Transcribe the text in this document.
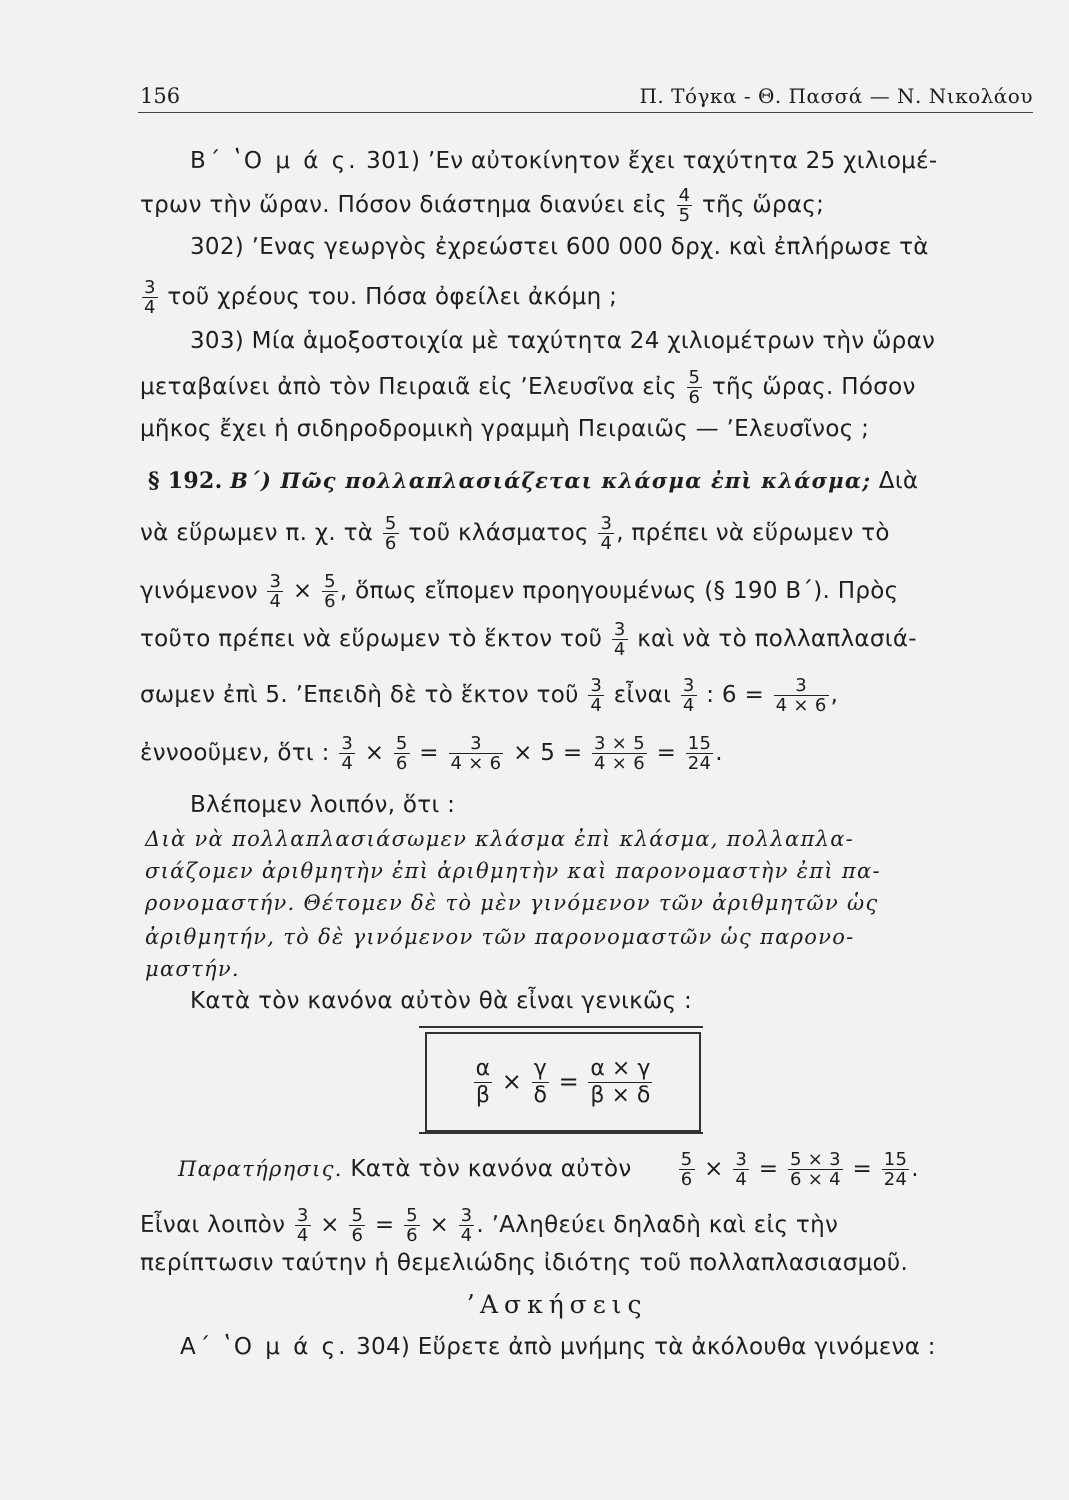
156	Π. Τόγκα - Θ. Πασσά — Ν. Νικολάου
Β΄ ʽΟ μ ά ς. 301) ʼΕν αὐτοκίνητον ἔχει ταχύτητα 25 χιλιομέ-
τρων τὴν ὥραν. Πόσον διάστημα διανύει εἰς $\frac{4}{5}$ τῆς ὥρας;
302) ʼΕνας γεωργὸς ἐχρεώστει 600 000 δρχ. καὶ ἐπλήρωσε τὰ
$\frac{3}{4}$ τοῦ χρέους του. Πόσα ὀφείλει ἀκόμη ;
303) Μία ἁμοξοστοιχία μὲ ταχύτητα 24 χιλιομέτρων τὴν ὥραν
μεταβαίνει ἀπὸ τὸν Πειραιᾶ εἰς ʼΕλευσῖνα εἰς $\frac{5}{6}$ τῆς ὥρας. Πόσον
μῆκος ἔχει ἡ σιδηροδρομικὴ γραμμὴ Πειραιῶς — ʼΕλευσῖνος ;
§ 192. Β΄) Πῶς πολλαπλασιάζεται κλάσμα ἐπὶ κλάσμα; Διὰ
νὰ εὕρωμεν π. χ. τὰ $\frac{5}{6}$ τοῦ κλάσματος $\frac{3}{4}$ , πρέπει νὰ εὕρωμεν τὸ
γινόμενον $\frac{3}{4} \times \frac{5}{6}$ , ὅπως εἴπομεν προηγουμένως (§ 190 Β΄). Πρὸς
τοῦτο πρέπει νὰ εὕρωμεν τὸ ἕκτον τοῦ $\frac{3}{4}$ καὶ νὰ τὸ πολλαπλασιά-
σωμεν ἐπὶ 5. ʼΕπειδὴ δὲ τὸ ἕκτον τοῦ $\frac{3}{4}$ εἶναι $\frac{3}{4}$ : $6 = \frac{3}{4 \times 6}$ ,
ἐννοοῦμεν, ὅτι : $\frac{3}{4} \times \frac{5}{6} = \frac{3}{4 \times 6} \times 5 = \frac{3 \times 5}{4 \times 6} = \frac{15}{24}$ .
Βλέπομεν λοιπόν, ὅτι :
Διὰ νὰ πολλαπλασιάσωμεν κλάσμα ἐπὶ κλάσμα, πολλαπλα-
σιάζομεν ἀριθμητὴν ἐπὶ ἀριθμητὴν καὶ παρονομαστὴν ἐπὶ πα-
ρονομαστήν. Θέτομεν δὲ τὸ μὲν γινόμενον τῶν ἀριθμητῶν ὡς
ἀριθμητήν, τὸ δὲ γινόμενον τῶν παρονομαστῶν ὡς παρονο-
μαστήν.
Κατὰ τὸν κανόνα αὐτὸν θὰ εἶναι γενικῶς :
$\frac{\alpha}{\beta} \times \frac{\gamma}{\delta} = \frac{\alpha \times \gamma}{\beta \times \delta}$
Παρατήρησις. Κατὰ τὸν κανόνα αὐτὸν	$\frac{5}{6} \times \frac{3}{4} = \frac{5 \times 3}{6 \times 4} = \frac{15}{24}$ .
Εἶναι λοιπὸν $\frac{3}{4} \times \frac{5}{6} = \frac{5}{6} \times \frac{3}{4}$ . ʼΑληθεύει δηλαδὴ καὶ εἰς τὴν
περίπτωσιν ταύτην ἡ θεμελιώδης ἰδιότης τοῦ πολλαπλασιασμοῦ.
ʼΑσκήσεις
Α΄ ʽΟ μ ά ς. 304) Εὕρετε ἀπὸ μνήμης τὰ ἀκόλουθα γινόμενα :
